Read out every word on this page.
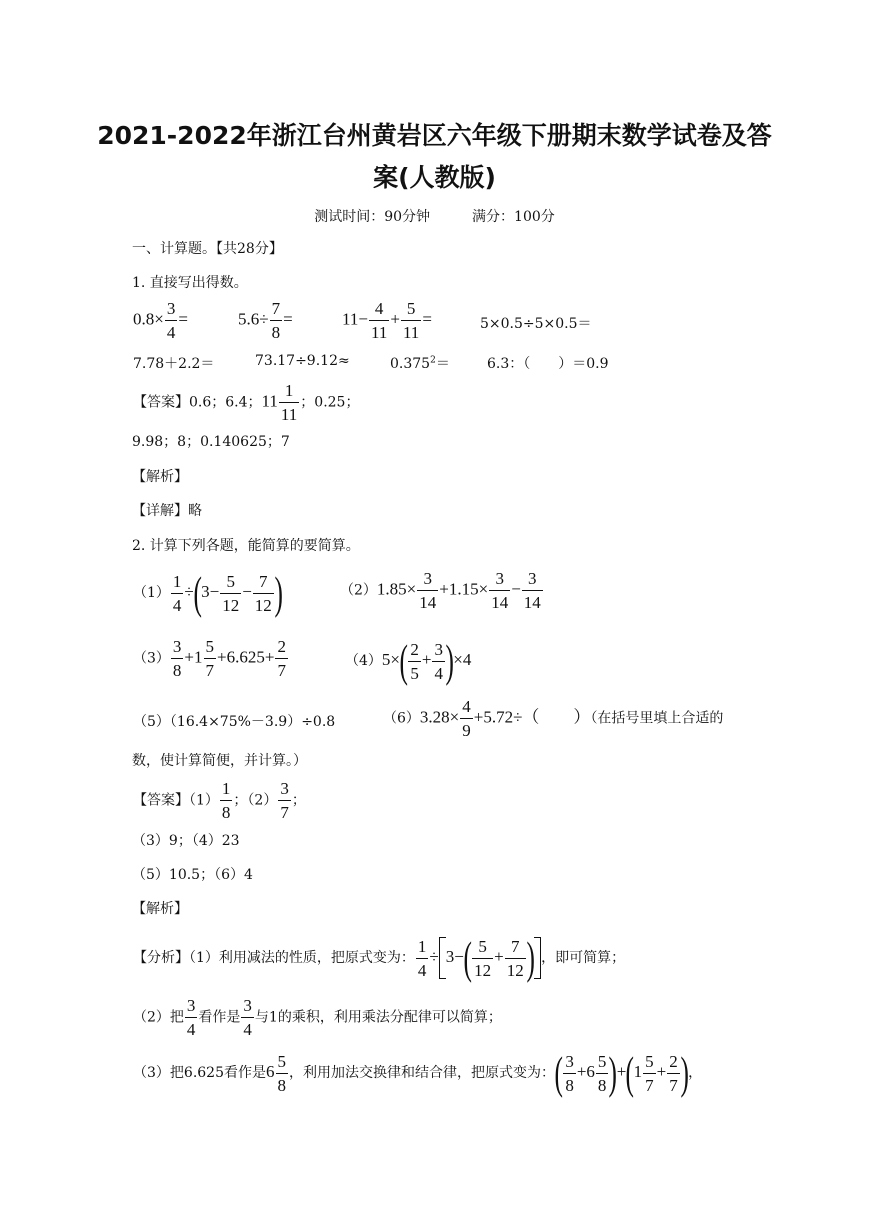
2021-2022年浙江台州黄岩区六年级下册期末数学试卷及答
案(人教版)
测试时间：90分钟　　　满分：100分
一、计算题。【共28分】
1. 直接写出得数。
$0.8\times \frac{3}{4}$ =	$5.6\div \frac{7}{8}$ =	$11- \frac{4}{11} + \frac{5}{11}$ =	5×0.5÷5×0.5＝
7.78＋2.2＝	73.17÷9.12≈	$0.375^2=$	6.3：（　　）＝0.9
【答案】0.6；6.4；$11 \frac{1}{11}$ ；0.25；
9.98；8；0.140625；7
【解析】
【详解】略
2. 计算下列各题，能简算的要简算。
$(1) \frac{1}{4} \div(3- \frac{5}{12} - \frac{7}{12}$ )	$(2)1.85\times \frac{3}{14} +1.15\times \frac{3}{14} - \frac{3}{14}$
$(3) \frac{3}{8} +1 \frac{5}{7} +6.625+ \frac{2}{7}$	$(4)5\times( \frac{2}{5} + \frac{3}{4} )\times 4$
（5）（16.4×75%－3.9）÷0.8	$(6)3.28\times \frac{4}{9} +5.72\div$（　　）（在括号里填上合适的
数，使计算简便，并计算。）
【答案】$(1) \frac{1}{8}$ ；$(2) \frac{3}{7}$ ；
（3）9；（4）23
（5）10.5；（6）4
【解析】
【分析】（1）利用减法的性质，把原式变为： $\frac{1}{4} \div 3-( \frac{5}{12} + \frac{7}{12}$ ) ，即可简算；
（2）把 $\frac{3}{4}$ 看作是 $\frac{3}{4}$ 与1的乘积，利用乘法分配律可以简算；
（3）把6.625看作是$6 \frac{5}{8}$ ，利用加法交换律和结合律，把原式变为：( $\frac{3}{8} +6 \frac{5}{8} )+(1 \frac{5}{7} + \frac{2}{7}$ )，
